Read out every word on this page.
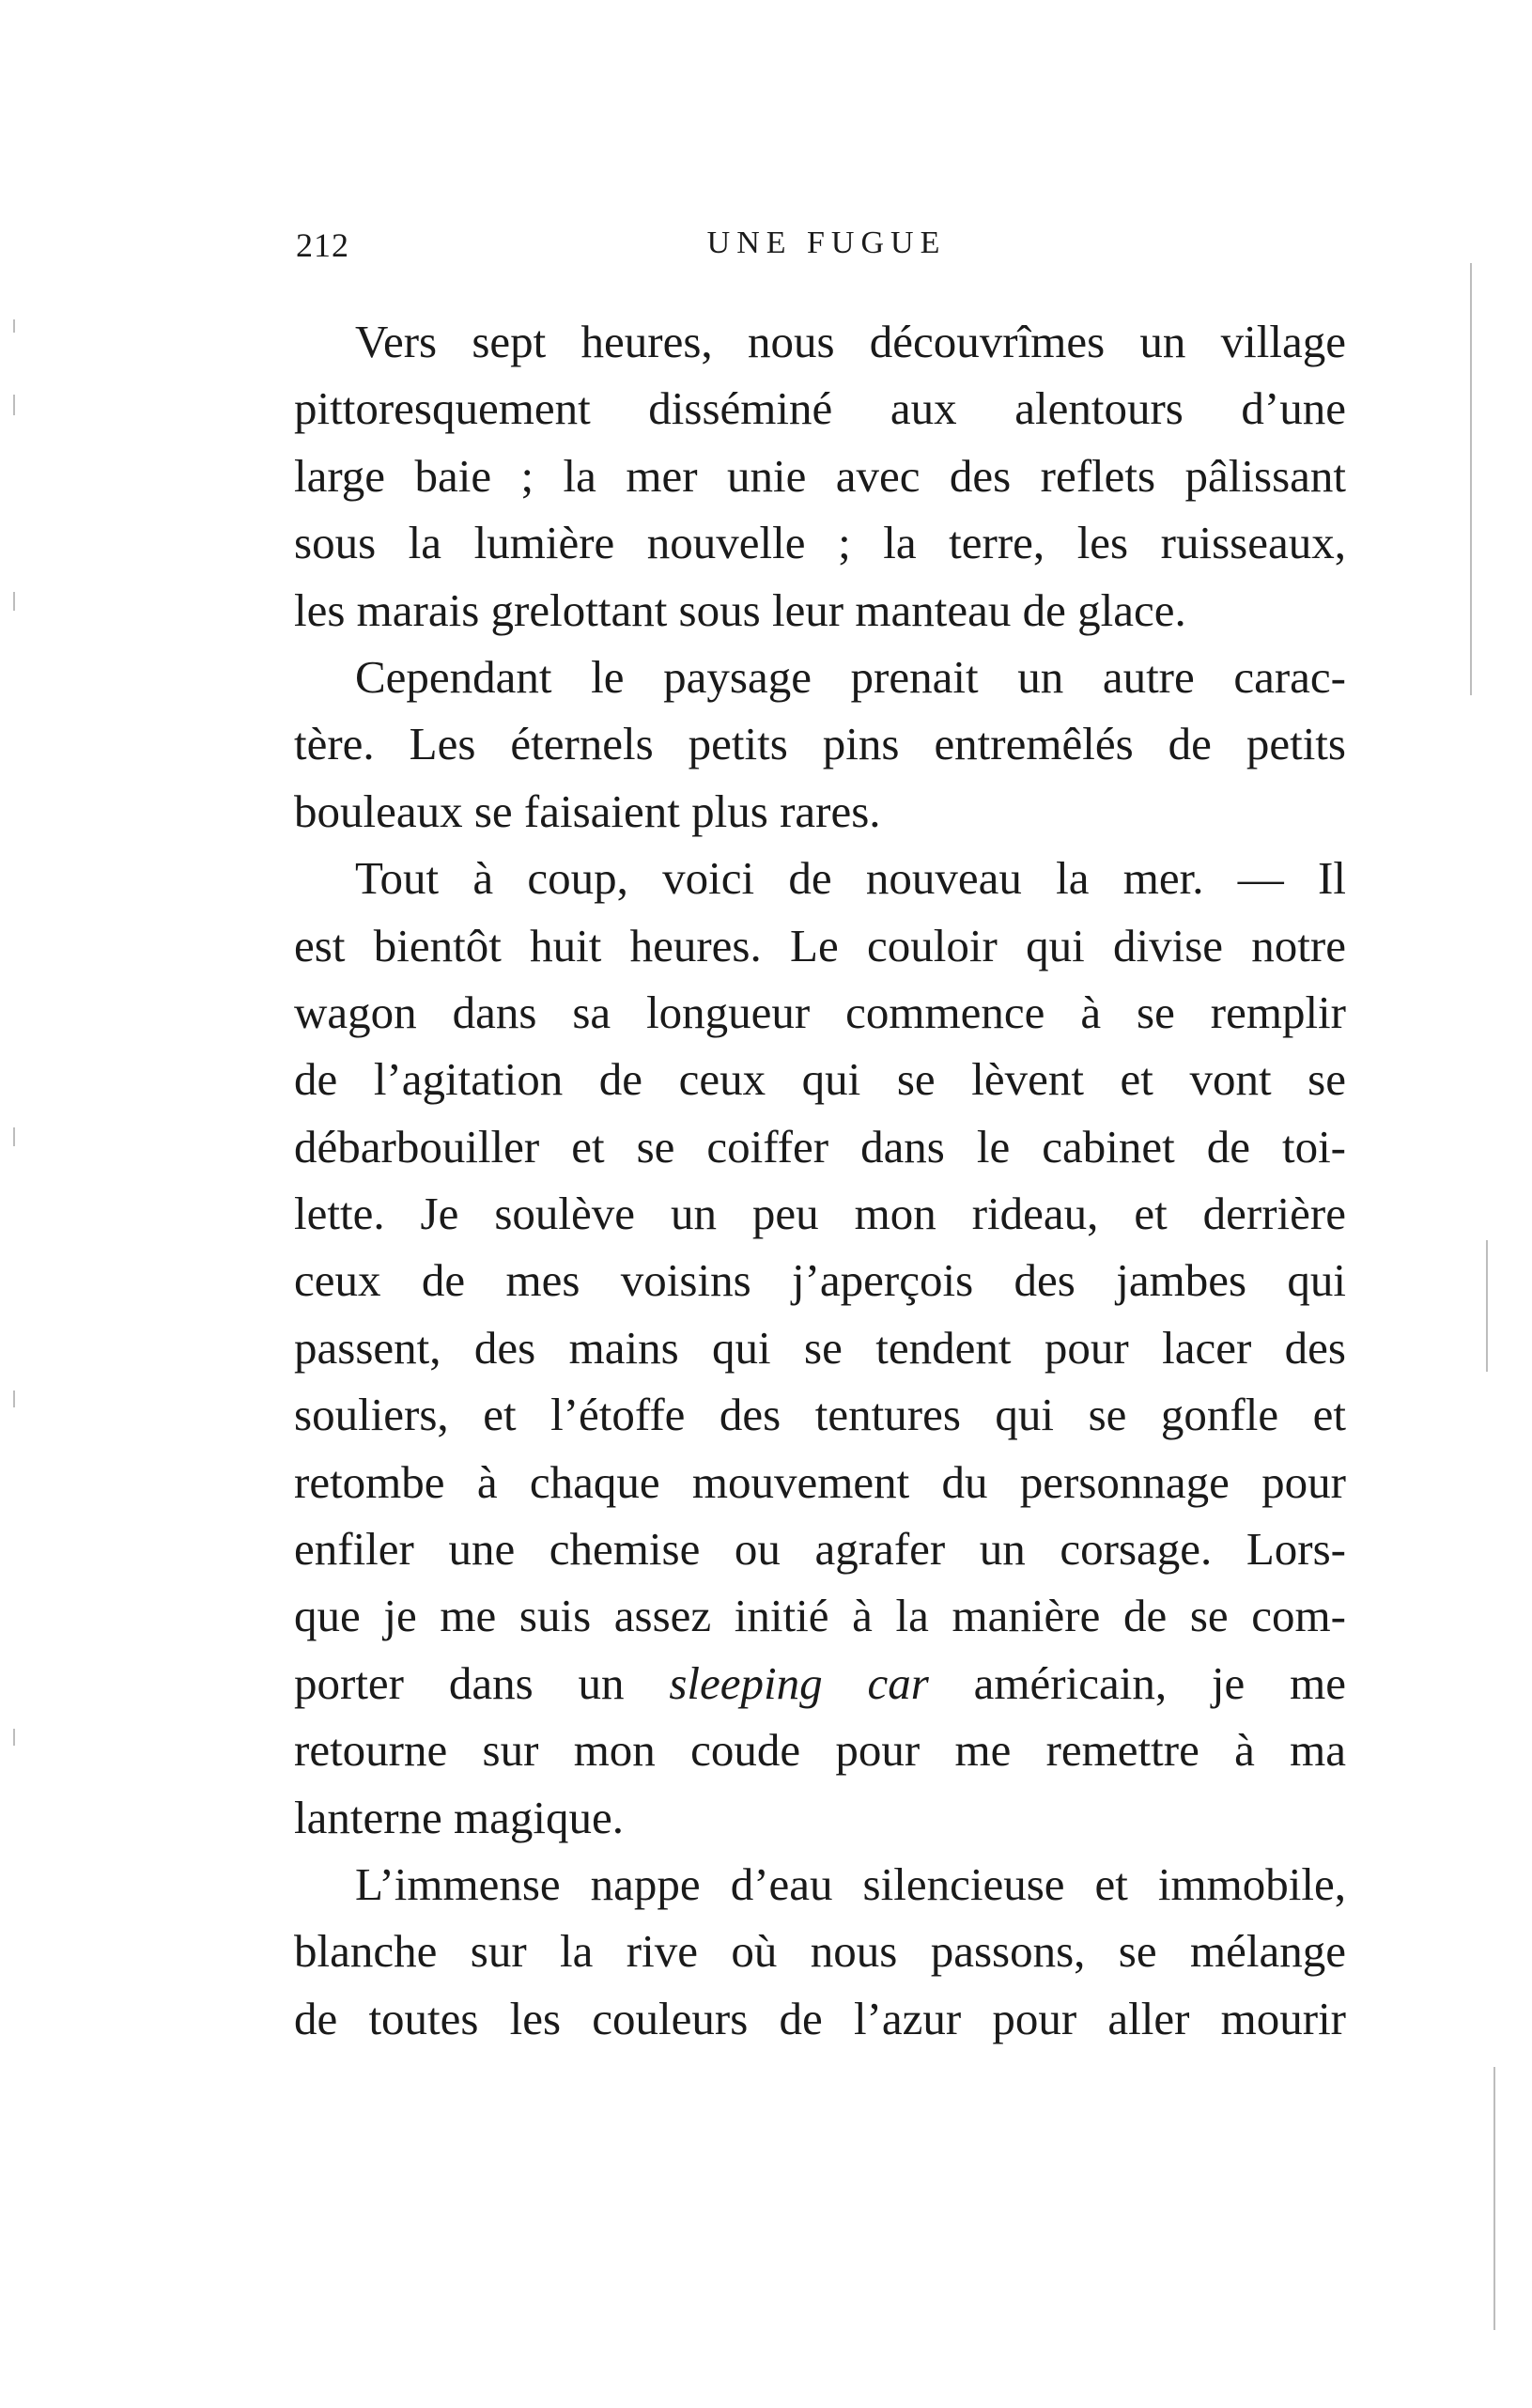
212	UNE FUGUE
Vers sept heures, nous découvrîmes un village
pittoresquement disséminé aux alentours d’une
large baie ; la mer unie avec des reflets pâlissant
sous la lumière nouvelle ; la terre, les ruisseaux,
les marais grelottant sous leur manteau de glace.
Cependant le paysage prenait un autre carac-
tère. Les éternels petits pins entremêlés de petits
bouleaux se faisaient plus rares.
Tout à coup, voici de nouveau la mer. — Il
est bientôt huit heures. Le couloir qui divise notre
wagon dans sa longueur commence à se remplir
de l’agitation de ceux qui se lèvent et vont se
débarbouiller et se coiffer dans le cabinet de toi-
lette. Je soulève un peu mon rideau, et derrière
ceux de mes voisins j’aperçois des jambes qui
passent, des mains qui se tendent pour lacer des
souliers, et l’étoffe des tentures qui se gonfle et
retombe à chaque mouvement du personnage pour
enfiler une chemise ou agrafer un corsage. Lors-
que je me suis assez initié à la manière de se com-
porter dans un sleeping car américain, je me
retourne sur mon coude pour me remettre à ma
lanterne magique.
L’immense nappe d’eau silencieuse et immobile,
blanche sur la rive où nous passons, se mélange
de toutes les couleurs de l’azur pour aller mourir
